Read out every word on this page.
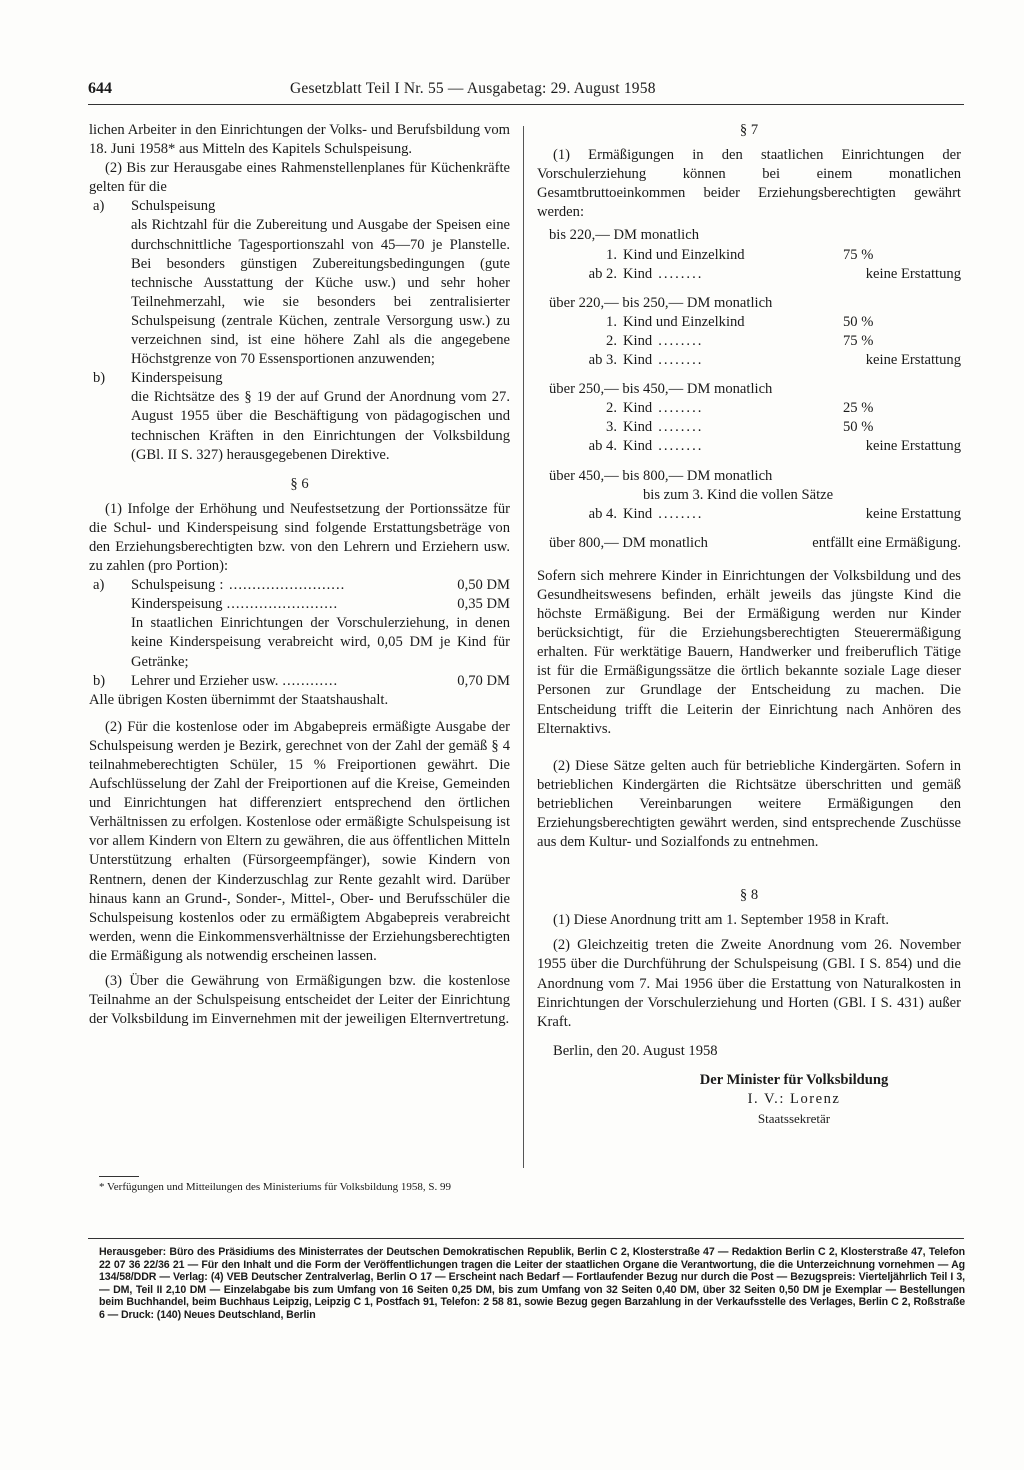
644	Gesetzblatt Teil I Nr. 55 — Ausgabetag: 29. August 1958

lichen Arbeiter in den Einrichtungen der Volks- und Berufsbildung vom 18. Juni 1958* aus Mitteln des Kapitels Schulspeisung.

(2) Bis zur Herausgabe eines Rahmenstellenplanes für Küchenkräfte gelten für die

a)	Schulspeisung

als Richtzahl für die Zubereitung und Ausgabe der Speisen eine durchschnittliche Tagesportionszahl von 45—70 je Planstelle. Bei besonders günstigen Zubereitungsbedingungen (gute technische Ausstattung der Küche usw.) und sehr hoher Teilnehmerzahl, wie sie besonders bei zentralisierter Schulspeisung (zentrale Küchen, zentrale Versorgung usw.) zu verzeichnen sind, ist eine höhere Zahl als die angegebene Höchstgrenze von 70 Essensportionen anzuwenden;

b)	Kinderspeisung

die Richtsätze des § 19 der auf Grund der Anordnung vom 27. August 1955 über die Beschäftigung von pädagogischen und technischen Kräften in den Einrichtungen der Volksbildung (GBl. II S. 327) herausgegebenen Direktive.

§ 6

(1) Infolge der Erhöhung und Neufestsetzung der Portionssätze für die Schul- und Kinderspeisung sind folgende Erstattungsbeträge von den Erziehungsberechtigten bzw. von den Lehrern und Erziehern usw. zu zahlen (pro Portion):

a)	Schulspeisung : .........................	0,50 DM
Kinderspeisung ........................	0,35 DM

In staatlichen Einrichtungen der Vorschulerziehung, in denen keine Kinderspeisung verabreicht wird, 0,05 DM je Kind für Getränke;

b)	Lehrer und Erzieher usw. ............	0,70 DM

Alle übrigen Kosten übernimmt der Staatshaushalt.

(2) Für die kostenlose oder im Abgabepreis ermäßigte Ausgabe der Schulspeisung werden je Bezirk, gerechnet von der Zahl der gemäß § 4 teilnahmeberechtigten Schüler, 15 % Freiportionen gewährt. Die Aufschlüsselung der Zahl der Freiportionen auf die Kreise, Gemeinden und Einrichtungen hat differenziert entsprechend den örtlichen Verhältnissen zu erfolgen. Kostenlose oder ermäßigte Schulspeisung ist vor allem Kindern von Eltern zu gewähren, die aus öffentlichen Mitteln Unterstützung erhalten (Fürsorgeempfänger), sowie Kindern von Rentnern, denen der Kinderzuschlag zur Rente gezahlt wird. Darüber hinaus kann an Grund-, Sonder-, Mittel-, Ober- und Berufsschüler die Schulspeisung kostenlos oder zu ermäßigtem Abgabepreis verabreicht werden, wenn die Einkommensverhältnisse der Erziehungsberechtigten die Ermäßigung als notwendig erscheinen lassen.

(3) Über die Gewährung von Ermäßigungen bzw. die kostenlose Teilnahme an der Schulspeisung entscheidet der Leiter der Einrichtung der Volksbildung im Einvernehmen mit der jeweiligen Elternvertretung.

* Verfügungen und Mitteilungen des Ministeriums für Volksbildung 1958, S. 99

§ 7

(1) Ermäßigungen in den staatlichen Einrichtungen der Vorschulerziehung können bei einem monatlichen Gesamtbruttoeinkommen beider Erziehungsberechtigten gewährt werden:

bis 220,— DM monatlich

1. Kind und Einzelkind	75 %
ab 2. Kind ........	keine Erstattung

über 220,— bis 250,— DM monatlich

1. Kind und Einzelkind	50 %
2. Kind ........	75 %
ab 3. Kind ........	keine Erstattung

über 250,— bis 450,— DM monatlich

2. Kind ........	25 %
3. Kind ........	50 %
ab 4. Kind ........	keine Erstattung

über 450,— bis 800,— DM monatlich

bis zum 3. Kind die vollen Sätze

ab 4. Kind ........	keine Erstattung
über 800,— DM monatlich	entfällt eine Ermäßigung.

Sofern sich mehrere Kinder in Einrichtungen der Volksbildung und des Gesundheitswesens befinden, erhält jeweils das jüngste Kind die höchste Ermäßigung. Bei der Ermäßigung werden nur Kinder berücksichtigt, für die Erziehungsberechtigten Steuerermäßigung erhalten. Für werktätige Bauern, Handwerker und freiberuflich Tätige ist für die Ermäßigungssätze die örtlich bekannte soziale Lage dieser Personen zur Grundlage der Entscheidung zu machen. Die Entscheidung trifft die Leiterin der Einrichtung nach Anhören des Elternaktivs.

(2) Diese Sätze gelten auch für betriebliche Kindergärten. Sofern in betrieblichen Kindergärten die Richtsätze überschritten und gemäß betrieblichen Vereinbarungen weitere Ermäßigungen den Erziehungsberechtigten gewährt werden, sind entsprechende Zuschüsse aus dem Kultur- und Sozialfonds zu entnehmen.

§ 8

(1) Diese Anordnung tritt am 1. September 1958 in Kraft.

(2) Gleichzeitig treten die Zweite Anordnung vom 26. November 1955 über die Durchführung der Schulspeisung (GBl. I S. 854) und die Anordnung vom 7. Mai 1956 über die Erstattung von Naturalkosten in Einrichtungen der Vorschulerziehung und Horten (GBl. I S. 431) außer Kraft.

Berlin, den 20. August 1958

Der Minister für Volksbildung

I. V.: Lorenz

Staatssekretär

Herausgeber: Büro des Präsidiums des Ministerrates der Deutschen Demokratischen Republik, Berlin C 2, Klosterstraße 47 — Redaktion Berlin C 2, Klosterstraße 47, Telefon 22 07 36 22/36 21 — Für den Inhalt und die Form der Veröffentlichungen tragen die Leiter der staatlichen Organe die Verantwortung, die die Unterzeichnung vornehmen — Ag 134/58/DDR — Verlag: (4) VEB Deutscher Zentralverlag, Berlin O 17 — Erscheint nach Bedarf — Fortlaufender Bezug nur durch die Post — Bezugspreis: Vierteljährlich Teil I 3,— DM, Teil II 2,10 DM — Einzelabgabe bis zum Umfang von 16 Seiten 0,25 DM, bis zum Umfang von 32 Seiten 0,40 DM, über 32 Seiten 0,50 DM je Exemplar — Bestellungen beim Buchhandel, beim Buchhaus Leipzig, Leipzig C 1, Postfach 91, Telefon: 2 58 81, sowie Bezug gegen Barzahlung in der Verkaufsstelle des Verlages, Berlin C 2, Roßstraße 6 — Druck: (140) Neues Deutschland, Berlin
